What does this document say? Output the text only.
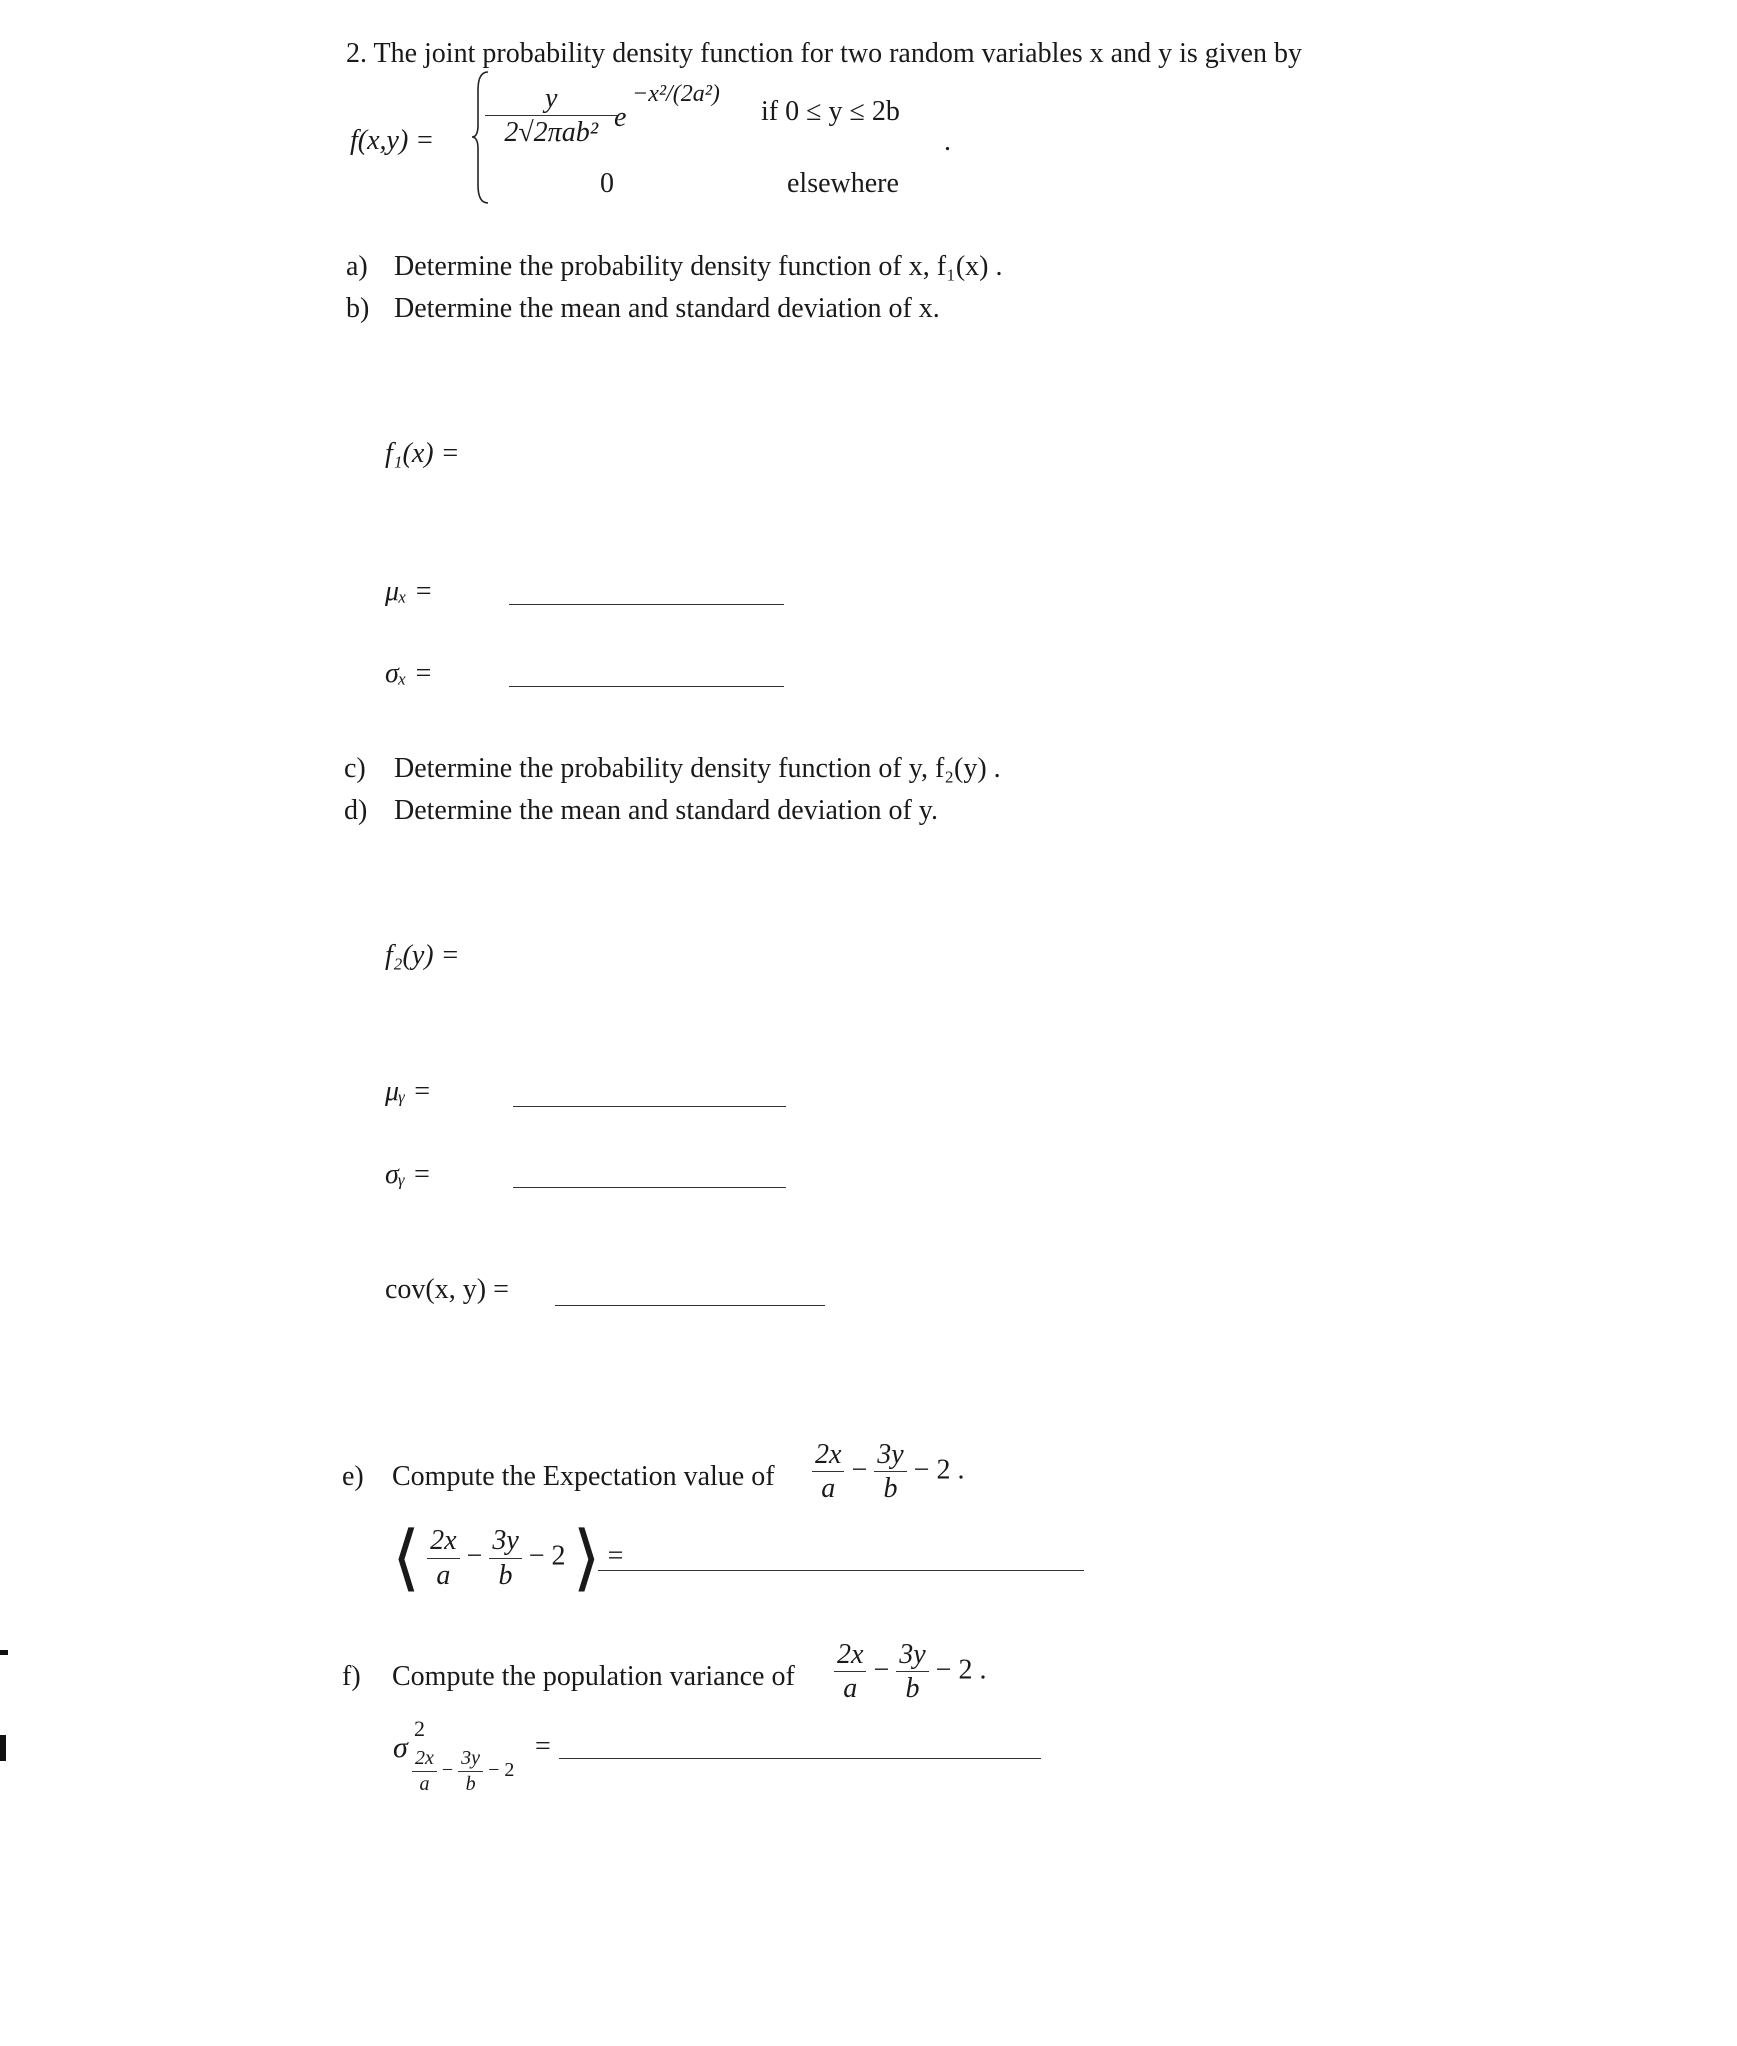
2. The joint probability density function for two random variables x and y is given by
$f(x,y) = \frac{y}{\text{2√2πab²}}$
e
−x²/(2a²)
if 0 ≤ y ≤ 2b
.
0	elsewhere
a) Determine the probability density function of x, f₁(x) .
b) Determine the mean and standard deviation of x.
f₁(x) =
μₓ =
σₓ =
c) Determine the probability density function of y, f₂(y) .
d) Determine the mean and standard deviation of y.
f₂(y) =
μᵧ =
σᵧ =
cov(x, y) =
e) Compute the Expectation value of $\frac{2x}{a} - \frac{3y}{b} - 2$ .
⟨ $\frac{2x}{a} - \frac{3y}{b} - 2$ ⟩ =
f) Compute the population variance of $\frac{2x}{a} - \frac{3y}{b} - 2$ .
σ
2
$\frac{2x}{a} - \frac{3y}{b} - 2$
=
